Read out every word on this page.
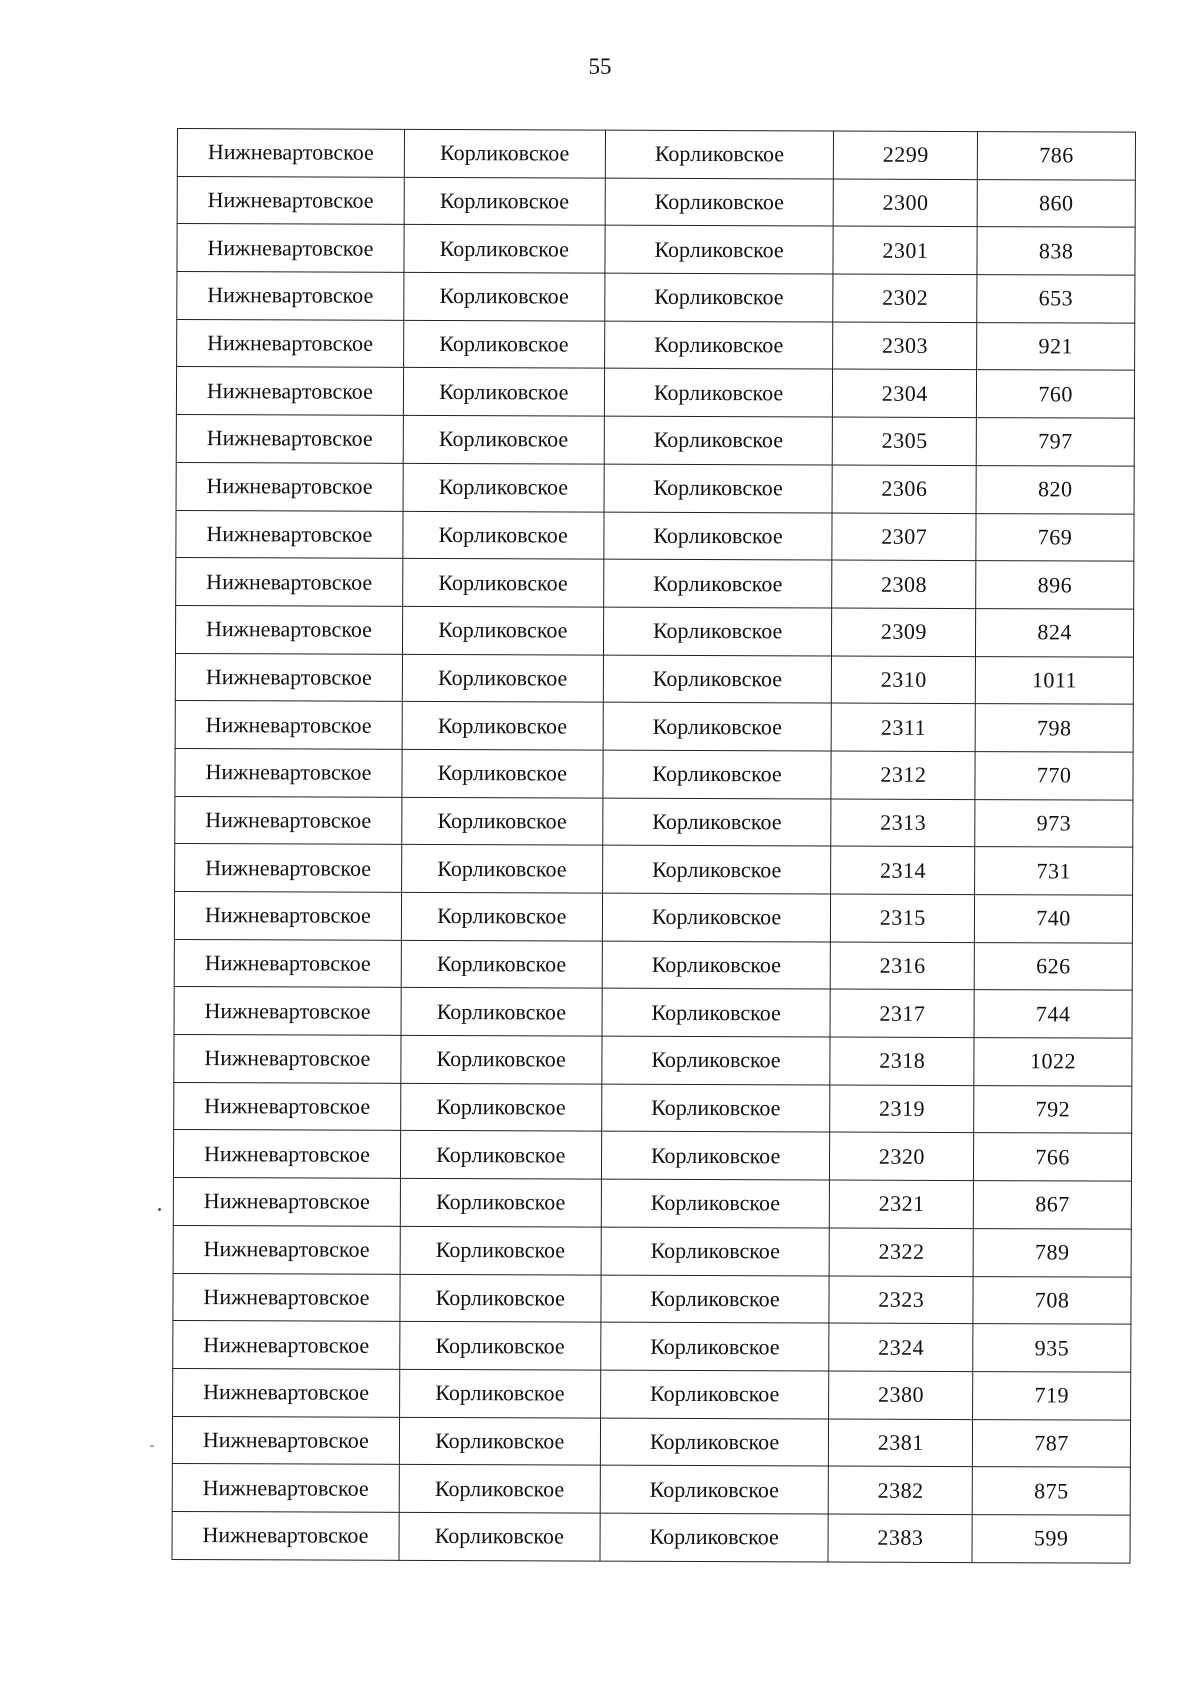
55
Нижневартовское	Корликовское	Корликовское	2299	786
Нижневартовское	Корликовское	Корликовское	2300	860
Нижневартовское	Корликовское	Корликовское	2301	838
Нижневартовское	Корликовское	Корликовское	2302	653
Нижневартовское	Корликовское	Корликовское	2303	921
Нижневартовское	Корликовское	Корликовское	2304	760
Нижневартовское	Корликовское	Корликовское	2305	797
Нижневартовское	Корликовское	Корликовское	2306	820
Нижневартовское	Корликовское	Корликовское	2307	769
Нижневартовское	Корликовское	Корликовское	2308	896
Нижневартовское	Корликовское	Корликовское	2309	824
Нижневартовское	Корликовское	Корликовское	2310	1011
Нижневартовское	Корликовское	Корликовское	2311	798
Нижневартовское	Корликовское	Корликовское	2312	770
Нижневартовское	Корликовское	Корликовское	2313	973
Нижневартовское	Корликовское	Корликовское	2314	731
Нижневартовское	Корликовское	Корликовское	2315	740
Нижневартовское	Корликовское	Корликовское	2316	626
Нижневартовское	Корликовское	Корликовское	2317	744
Нижневартовское	Корликовское	Корликовское	2318	1022
Нижневартовское	Корликовское	Корликовское	2319	792
Нижневартовское	Корликовское	Корликовское	2320	766
Нижневартовское	Корликовское	Корликовское	2321	867
Нижневартовское	Корликовское	Корликовское	2322	789
Нижневартовское	Корликовское	Корликовское	2323	708
Нижневартовское	Корликовское	Корликовское	2324	935
Нижневартовское	Корликовское	Корликовское	2380	719
Нижневартовское	Корликовское	Корликовское	2381	787
Нижневартовское	Корликовское	Корликовское	2382	875
Нижневартовское	Корликовское	Корликовское	2383	599
